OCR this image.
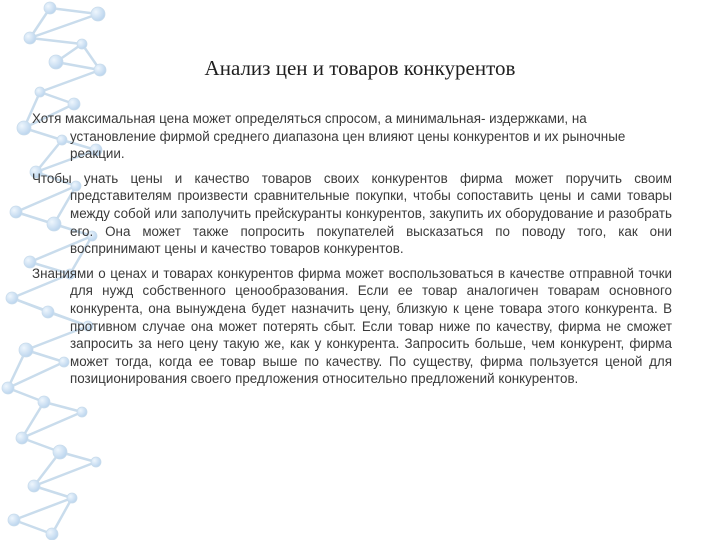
Анализ цен и товаров конкурентов

Хотя максимальная цена может определяться спросом, а минимальная- издержками, на установление фирмой среднего диапазона цен влияют цены конкурентов и их рыночные реакции.

Чтобы унать цены и качество товаров своих конкурентов фирма может поручить своим представителям произвести сравнительные покупки, чтобы сопоставить цены и сами товары между собой или заполучить прейскуранты конкурентов, закупить их оборудование и разобрать его. Она может также попросить покупателей высказаться по поводу того, как они воспринимают цены и качество товаров конкурентов.

Знаниями о ценах и товарах конкурентов фирма может воспользоваться в качестве отправной точки для нужд собственного ценообразования. Если ее товар аналогичен товарам основного конкурента, она вынуждена будет назначить цену, близкую к цене товара этого конкурента. В противном случае она может потерять сбыт. Если товар ниже по качеству, фирма не сможет запросить за него цену такую же, как у конкурента. Запросить больше, чем конкурент, фирма может тогда, когда ее товар выше по качеству. По существу, фирма пользуется ценой для позиционирования своего предложения относительно предложений конкурентов.
